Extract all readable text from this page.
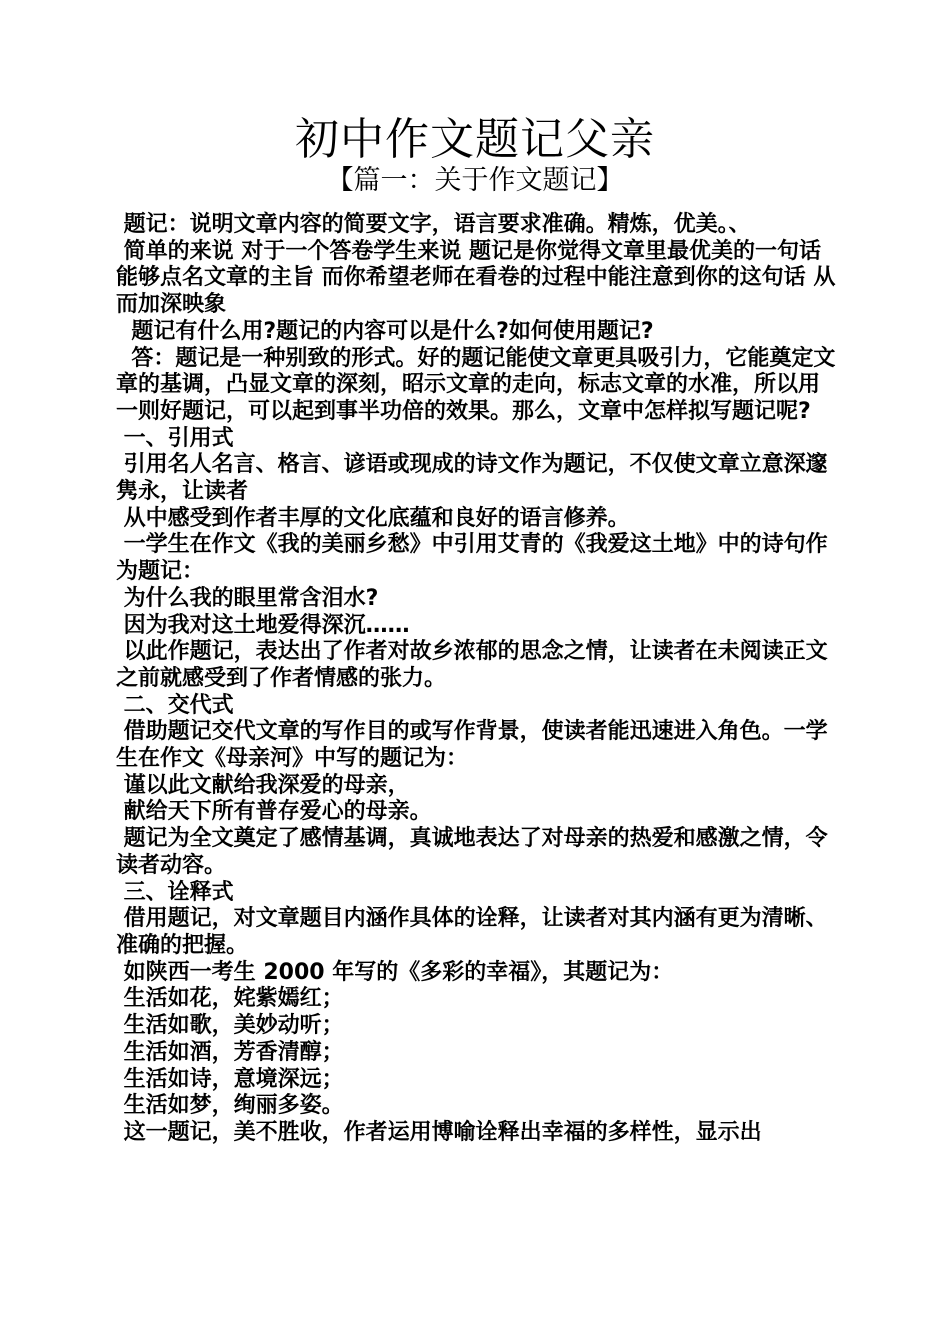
初中作文题记父亲
【篇一：关于作文题记】

题记：说明文章内容的简要文字，语言要求准确。精炼，优美。、

简单的来说 对于一个答卷学生来说 题记是你觉得文章里最优美的一句话 能够点名文章的主旨 而你希望老师在看卷的过程中能注意到你的这句话 从而加深映象

题记有什么用?题记的内容可以是什么?如何使用题记?

答：题记是一种别致的形式。好的题记能使文章更具吸引力，它能奠定文章的基调，凸显文章的深刻，昭示文章的走向，标志文章的水准，所以用一则好题记，可以起到事半功倍的效果。那么，文章中怎样拟写题记呢?

一、引用式

引用名人名言、格言、谚语或现成的诗文作为题记，不仅使文章立意深邃隽永，让读者

从中感受到作者丰厚的文化底蕴和良好的语言修养。

一学生在作文《我的美丽乡愁》中引用艾青的《我爱这土地》中的诗句作为题记：

为什么我的眼里常含泪水?

因为我对这土地爱得深沉……

以此作题记，表达出了作者对故乡浓郁的思念之情，让读者在未阅读正文之前就感受到了作者情感的张力。

二、交代式

借助题记交代文章的写作目的或写作背景，使读者能迅速进入角色。一学生在作文《母亲河》中写的题记为：

谨以此文献给我深爱的母亲，

献给天下所有普存爱心的母亲。

题记为全文奠定了感情基调，真诚地表达了对母亲的热爱和感激之情，令读者动容。

三、诠释式

借用题记，对文章题目内涵作具体的诠释，让读者对其内涵有更为清晰、准确的把握。

如陕西一考生 2000 年写的《多彩的幸福》，其题记为：

生活如花，姹紫嫣红；

生活如歌，美妙动听；

生活如酒，芳香清醇；

生活如诗，意境深远；

生活如梦，绚丽多姿。

这一题记，美不胜收，作者运用博喻诠释出幸福的多样性，显示出
